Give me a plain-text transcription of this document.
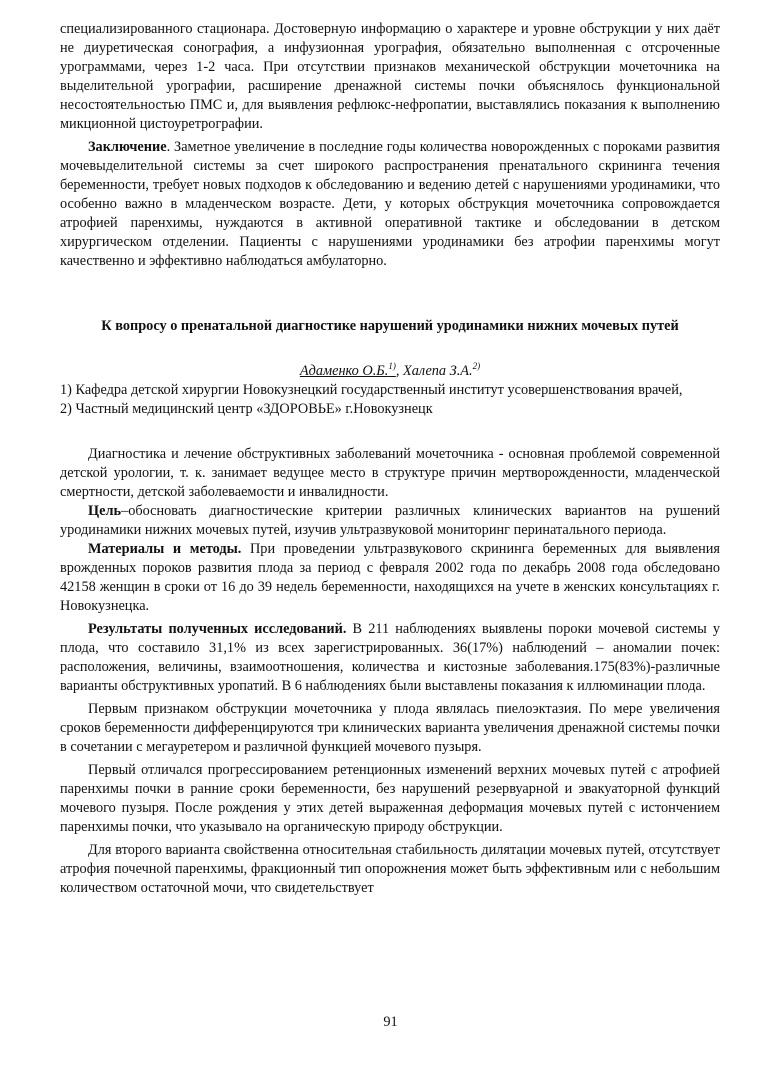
специализированного стационара. Достоверную информацию о характере и уровне обструкции у них даёт не диуретическая сонография, а инфузионная урография, обязательно выполненная с отсроченные урограммами, через 1-2 часа. При отсутствии признаков механической обструкции мочеточника на выделительной урографии, расширение дренажной системы почки объяснялось функциональной несостоятельностью ПМС и, для выявления рефлюкс-нефропатии, выставлялись показания к выполнению микционной цистоуретрографии.

Заключение. Заметное увеличение в последние годы количества новорожденных с пороками развития мочевыделительной системы за счет широкого распространения пренатального скрининга течения беременности, требует новых подходов к обследованию и ведению детей с нарушениями уродинамики, что особенно важно в младенческом возрасте. Дети, у которых обструкция мочеточника сопровождается атрофией паренхимы, нуждаются в активной оперативной тактике и обследовании в детском хирургическом отделении. Пациенты с нарушениями уродинамики без атрофии паренхимы могут качественно и эффективно наблюдаться амбулаторно.

К вопросу о пренатальной диагностике нарушений уродинамики нижних мочевых путей

Адаменко О.Б.$^{1)}$, Халепа З.А.$^{2)}$

1) Кафедра детской хирургии Новокузнецкий государственный институт усовершенствования врачей,

2) Частный медицинский центр «ЗДОРОВЬЕ» г.Новокузнецк

Диагностика и лечение обструктивных заболеваний мочеточника - основная проблемой современной детской урологии, т. к. занимает ведущее место в структуре причин мертворожденности, младенческой смертности, детской заболеваемости и инвалидности.

Цель–обосновать диагностические критерии различных клинических вариантов на рушений уродинамики нижних мочевых путей, изучив ультразвуковой мониторинг перинатального периода.

Материалы и методы. При проведении ультразвукового скрининга беременных для выявления врожденных пороков развития плода за период с февраля 2002 года по декабрь 2008 года обследовано 42158 женщин в сроки от 16 до 39 недель беременности, находящихся на учете в женских консультациях г. Новокузнецка.

Результаты полученных исследований. В 211 наблюдениях выявлены пороки мочевой системы у плода, что составило 31,1% из всех зарегистрированных. 36(17%) наблюдений – аномалии почек: расположения, величины, взаимоотношения, количества и кистозные заболевания.175(83%)-различные варианты обструктивных уропатий. В 6 наблюдениях были выставлены показания к иллюминации плода.

Первым признаком обструкции мочеточника у плода являлась пиелоэктазия. По мере увеличения сроков беременности дифференцируются три клинических варианта увеличения дренажной системы почки в сочетании с мегауретером и различной функцией мочевого пузыря.

Первый отличался прогрессированием ретенционных изменений верхних мочевых путей с атрофией паренхимы почки в ранние сроки беременности, без нарушений резервуарной и эвакуаторной функций мочевого пузыря. После рождения у этих детей выраженная деформация мочевых путей с истончением паренхимы почки, что указывало на органическую природу обструкции.

Для второго варианта свойственна относительная стабильность дилятации мочевых путей, отсутствует атрофия почечной паренхимы, фракционный тип опорожнения может быть эффективным или с небольшим количеством остаточной мочи, что свидетельствует

91
